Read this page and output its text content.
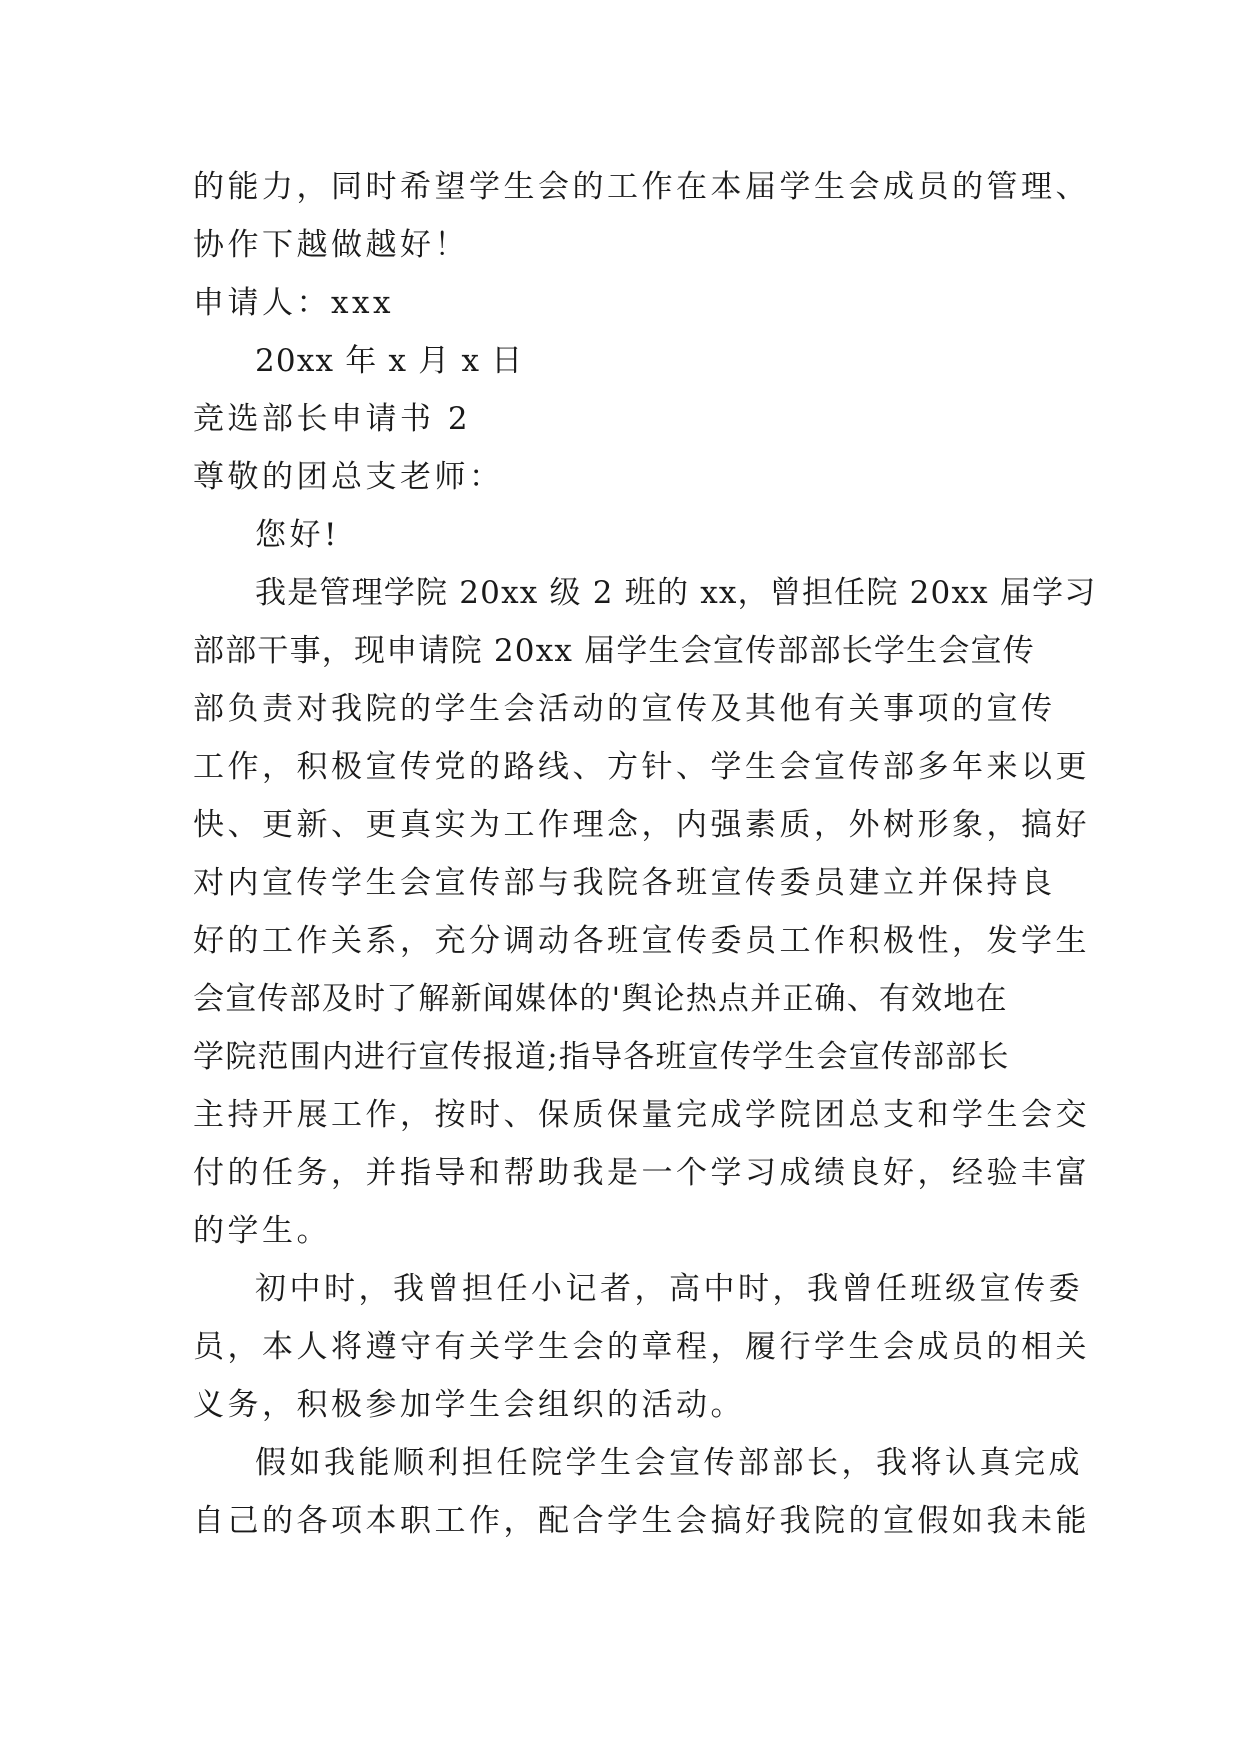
的能力，同时希望学生会的工作在本届学生会成员的管理、
协作下越做越好！
申请人：xxx
20xx 年 x 月 x 日
竞选部长申请书 2
尊敬的团总支老师：
您好!
我是管理学院 20xx 级 2 班的 xx，曾担任院 20xx 届学习
部部干事，现申请院 20xx 届学生会宣传部部长学生会宣传
部负责对我院的学生会活动的宣传及其他有关事项的宣传
工作，积极宣传党的路线、方针、学生会宣传部多年来以更
快、更新、更真实为工作理念，内强素质，外树形象，搞好
对内宣传学生会宣传部与我院各班宣传委员建立并保持良
好的工作关系，充分调动各班宣传委员工作积极性，发学生
会宣传部及时了解新闻媒体的'舆论热点并正确、有效地在
学院范围内进行宣传报道;指导各班宣传学生会宣传部部长
主持开展工作，按时、保质保量完成学院团总支和学生会交
付的任务，并指导和帮助我是一个学习成绩良好，经验丰富
的学生。
初中时，我曾担任小记者，高中时，我曾任班级宣传委
员，本人将遵守有关学生会的章程，履行学生会成员的相关
义务，积极参加学生会组织的活动。
假如我能顺利担任院学生会宣传部部长，我将认真完成
自己的各项本职工作，配合学生会搞好我院的宣假如我未能
